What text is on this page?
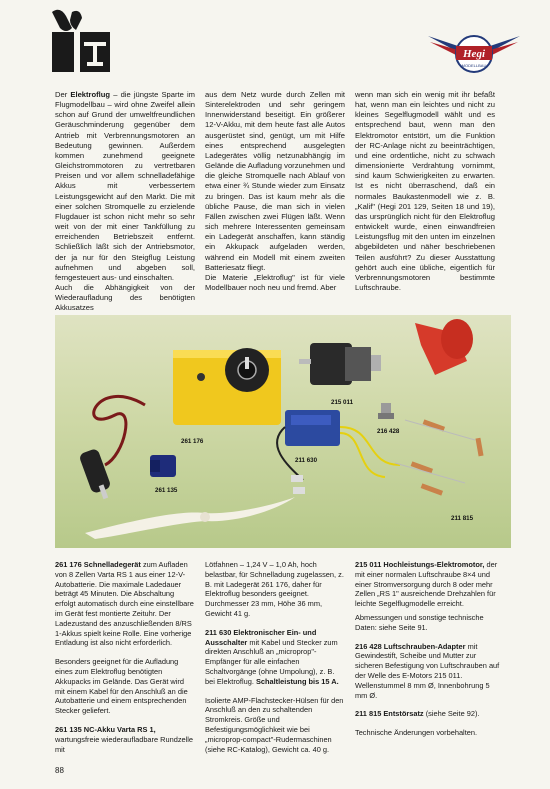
Hegi
MODELLBAU

Der Elektroflug – die jüngste Sparte im Flugmodellbau – wird ohne Zweifel allein schon auf Grund der umweltfreundlichen Geräuschminderung gegenüber dem Antrieb mit Verbrennungsmotoren an Bedeutung gewinnen. Außerdem kommen zunehmend geeignete Gleichstrommotoren zu vertretbaren Preisen und vor allem schnelladefähige Akkus mit verbessertem Leistungsgewicht auf den Markt. Die mit einer solchen Stromquelle zu erzielende Flugdauer ist schon nicht mehr so sehr weit von der mit einer Tankfüllung zu erreichenden Betriebszeit entfernt. Schließlich läßt sich der Antriebsmotor, der ja nur für den Steigflug Leistung aufnehmen und abgeben soll, ferngesteuert aus- und einschalten.

Auch die Abhängigkeit von der Wiederaufladung des benötigten Akkusatzes

aus dem Netz wurde durch Zellen mit Sinterelektroden und sehr geringem Innenwiderstand beseitigt. Ein größerer 12-V-Akku, mit dem heute fast alle Autos ausgerüstet sind, genügt, um mit Hilfe eines entsprechend ausgelegten Ladegerätes völlig netzunabhängig im Gelände die Aufladung vorzunehmen und die gleiche Stromquelle nach Ablauf von etwa einer ¾ Stunde wieder zum Einsatz zu bringen. Das ist kaum mehr als die übliche Pause, die man sich in vielen Fällen zwischen zwei Flügen läßt. Wenn sich mehrere Interessenten gemeinsam ein Ladegerät anschaffen, kann ständig ein Akkupack aufgeladen werden, während ein Modell mit einem zweiten Batteriesatz fliegt.

Die Materie „Elektroflug" ist für viele Modellbauer noch neu und fremd. Aber

wenn man sich ein wenig mit ihr befaßt hat, wenn man ein leichtes und nicht zu kleines Segelflugmodell wählt und es entsprechend baut, wenn man den Elektromotor entstört, um die Funktion der RC-Anlage nicht zu beeinträchtigen, und eine ordentliche, nicht zu schwach dimensionierte Verdrahtung vornimmt, sind kaum Schwierigkeiten zu erwarten. Ist es nicht überraschend, daß ein normales Baukastenmodell wie z. B. „Kalif" (Hegi 201 129, Seiten 18 und 19), das ursprünglich nicht für den Elektroflug entwickelt wurde, einen einwandfreien Leistungsflug mit den unten im einzelnen abgebildeten und näher beschriebenen Teilen ausführt? Zu dieser Ausstattung gehört auch eine übliche, eigentlich für Verbrennungsmotoren bestimmte Luftschraube.

261 176
215 011
216 428
211 630
261 135
211 815

261 176 Schnelladegerät zum Aufladen von 8 Zellen Varta RS 1 aus einer 12-V-Autobatterie. Die maximale Ladedauer beträgt 45 Minuten. Die Abschaltung erfolgt automatisch durch eine einstellbare im Gerät fest montierte Zeituhr. Der Ladezustand des anzuschließenden 8/RS 1-Akkus spielt keine Rolle. Eine vorherige Entladung ist also nicht erforderlich.

Besonders geeignet für die Aufladung eines zum Elektroflug benötigten Akkupacks im Gelände. Das Gerät wird mit einem Kabel für den Anschluß an die Autobatterie und einem entsprechenden Stecker geliefert.

261 135 NC-Akku Varta RS 1, wartungsfreie wiederaufladbare Rundzelle mit

Lötfahnen – 1,24 V – 1,0 Ah, hoch belastbar, für Schnelladung zugelassen, z. B. mit Ladegerät 261 176, daher für Elektroflug besonders geeignet. Durchmesser 23 mm, Höhe 36 mm, Gewicht 41 g.

211 630 Elektronischer Ein- und Ausschalter mit Kabel und Stecker zum direkten Anschluß an „microprop"-Empfänger für alle einfachen Schaltvorgänge (ohne Umpolung), z. B. bei Elektroflug. Schaltleistung bis 15 A.

Isolierte AMP-Flachstecker-Hülsen für den Anschluß an den zu schaltenden Stromkreis. Größe und Befestigungsmöglichkeit wie bei „microprop-compact"-Rudermaschinen (siehe RC-Katalog), Gewicht ca. 40 g.

215 011 Hochleistungs-Elektromotor, der mit einer normalen Luftschraube 8×4 und einer Stromversorgung durch 8 oder mehr Zellen „RS 1" ausreichende Drehzahlen für leichte Segelflugmodelle erreicht.

Abmessungen und sonstige technische Daten: siehe Seite 91.

216 428 Luftschrauben-Adapter mit Gewindestift, Scheibe und Mutter zur sicheren Befestigung von Luftschrauben auf der Welle des E-Motors 215 011. Wellenstummel 8 mm Ø, Innenbohrung 5 mm Ø.

211 815 Entstörsatz (siehe Seite 92).

Technische Änderungen vorbehalten.

88
